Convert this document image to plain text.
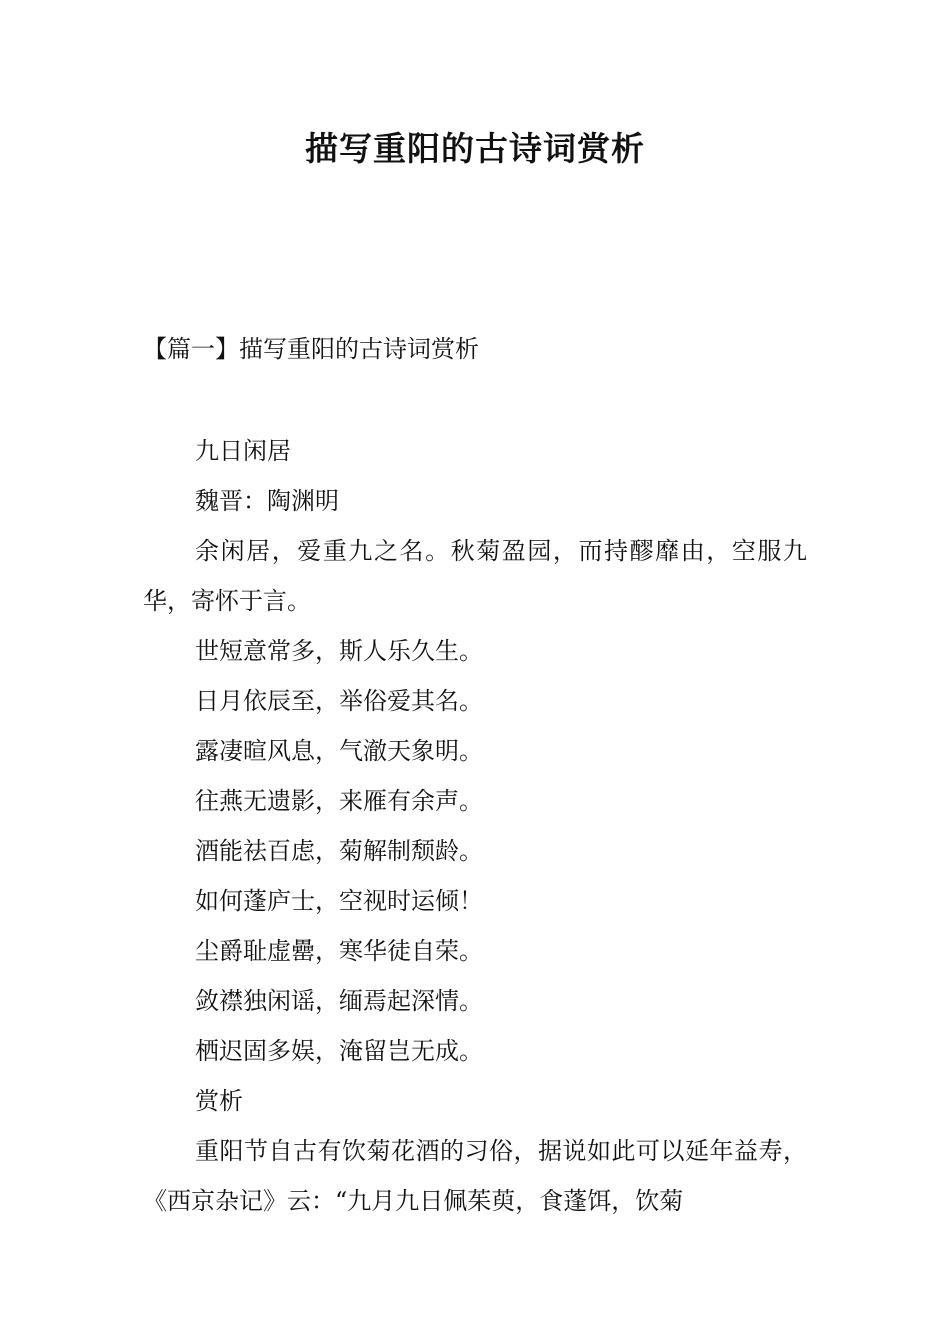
描写重阳的古诗词赏析
【篇一】描写重阳的古诗词赏析

九日闲居

魏晋：陶渊明

余闲居，爱重九之名。秋菊盈园，而持醪靡由，空服九华，寄怀于言。

世短意常多，斯人乐久生。

日月依辰至，举俗爱其名。

露凄暄风息，气澈天象明。

往燕无遗影，来雁有余声。

酒能祛百虑，菊解制颓龄。

如何蓬庐士，空视时运倾！

尘爵耻虚罍，寒华徒自荣。

敛襟独闲谣，缅焉起深情。

栖迟固多娱，淹留岂无成。

赏析

重阳节自古有饮菊花酒的习俗，据说如此可以延年益寿，《西京杂记》云：“九月九日佩茱萸，食蓬饵，饮菊
